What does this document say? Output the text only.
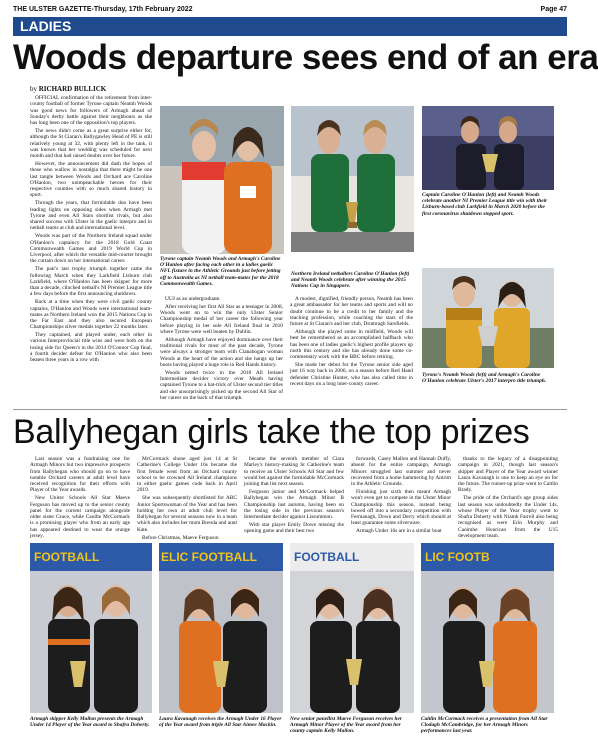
THE ULSTER GAZETTE-Thursday, 17th February 2022	Page 47
LADIES
Woods departure sees end of an era
by RICHARD BULLICK

OFFICIAL confirmation of the retirement from inter-county football of former Tyrone captain Neamh Woods was good news for followers of Armagh ahead of Sunday's derby battle against their neighbours as she has long been one of the opposition's top players.

The news didn't come as a great surprise either for, although the St Ciaran's Ballygawley Head of PE is still relatively young at 32, with plenty left in the tank, it was known that her wedding was scheduled for next month and that had raised doubts over her future.

However, the announcement did dash the hopes of those who wallow in nostalgia that there might be one last tangle between Woods and Orchard ace Caroline O'Hanlon, two unimpeachable heroes for their respective counties with so much shared history in sport.

Through the years, that formidable duo have been leading lights on opposing sides when Armagh met Tyrone and even All Stars shortlist rivals, but also shared success with Ulster in the gaelic interpro and in netball teams at club and international level.

Woods was part of the Northern Ireland squad under O'Hanlon's captaincy for the 2018 Gold Coast Commonwealth Games and 2019 World Cup in Liverpool, after which the versatile mid-courter brought the curtain down on her international career.

The pair's last trophy triumph together came the following March when they Larkfield Lisburn club Larkfield, where O'Hanlon has been skipper for more than a decade, clinched netball's NI Premier League title a few days before the first announcing shutdown.

Back at a time when they were civil gaelic county captains, O'Hanlon and Woods were international team-mates as Northern Ireland won the 2015 Nations Cup in the Far East and they also secured European Championships silver medals together 22 months later.

They captained, and played under, each other in various Interprovincial title wins and were both on the losing side for Queen's in the 2014 O'Connor Cup final, a fourth decider defeat for O'Hanlon who also been beaten three years in a row with

UUJ as an undergraduate.

After receiving her first All Star as a teenager in 2008, Woods went on to win the only Ulster Senior Championship medal of her career the following year before playing in her sole All Ireland final in 2010 where Tyrone were well beaten by Dublin.

Although Armagh have enjoyed dominance over their traditional rivals for most of the past decade, Tyrone were always a stronger team with Clanabogan woman Woods at the heart of the action and she hangs up her boots having played a huge role in Red Hands history.

Woods netted twice in the 2018 All Ireland Intermediate decider victory over Meath having captained Tyrone to a hat-trick of Ulster second tier titles and she unsurprisingly picked up the second All Star of her career on the back of that triumph.

A modest, dignified, friendly person, Neamh has been a great ambassador for her teams and sports and will no doubt continue to be a credit to her family and the teaching profession, while coaching the stars of the future at St Ciaran's and her club, Drumragh Sarsfields.

Although she played some in midfield, Woods will best be remembered as an accomplished halfback who has been one of ladies gaelic's highest profile players up north this century and she has already done some co-commentary work with the BBC before retiring.

She made her debut for the Tyrone senior side aged just 16 way back in 2006, on a season before Red Hand defender Christine Hunter, who has also called time in recent days on a long inter-county career.

Tyrone captain Neamh Woods and Armagh's Caroline O'Hanlon after facing each other in a ladies gaelic NFL fixture in the Athletic Grounds just before jetting off to Australia as NI netball team-mates for the 2018 Commonwealth Games.
Northern Ireland netballers Caroline O'Hanlon (left) and Neamh Woods celebrate after winning the 2015 Nations Cup in Singapore.
Captain Caroline O'Hanlon (left) and Neamh Woods celebrate another NI Premier League title win with their Lisburn-based club Larkfield in March 2020 before the first coronavirus shutdown stopped sport.
Tyrone's Neamh Woods (left) and Armagh's Caroline O'Hanlon celebrate Ulster's 2017 interpro title triumph.
Ballyhegan girls take the top prizes

Last season was a fundraising one for Armagh Minors but two impressive prospects from Ballyhegan who should go on to have notable Orchard careers at adult level have received recognition for their efforts with Player of the Year awards.

New Unitec Schools All Star Maeve Ferguson has moved up to the senior county panel for the current campaign alongside older sister Grace, while Caoilte McCormack is a promising player who from an early age has appeared destined to wear the orange jersey.

McCormack shone aged just 14 at St Catherine's College Under 16s became the first female went from an Orchard county school to be crowned All Ireland champions in either gaelic games code back in April 2019.

She was subsequently shortlisted for ABC Junior Sportswoman of the Year and has been holding her own at adult club level for Ballyhegan for several seasons now in a team which also includes her mum Brenda and aunt Kate.

Before Christmas, Maeve Ferguson

became the seventh member of Ciara Marley's history-making St Catherine's team to receive an Ulster Schools All Star and few would bet against the formidable McCormack joining that list next season.

Ferguson junior and McCormack helped Ballyhegan win the Armagh Minor B Championship last autumn, having been on the losing side in the previous season's Intermediate decider against Lissummon.

With star player Emily Dowe missing the opening game and their best two

forwards, Casey Mallon and Hannah Duffy, absent for the entire campaign, Armagh Minors struggled last summer and never recovered from a home hammering by Antrim in the Athletic Grounds.

Finishing just sixth then meant Armagh won't even get to compete in the Ulster Minor Championship this season, instead being bowed off into a secondary competition with Fermanagh, Down and Derry which should at least guarantee some silverware.

Armagh Under 16s are in a similar boat

thanks to the legacy of a disappointing campaign in 2021, though last season's skipper and Player of the Year award winner Laura Kavanagh is one to keep an eye on for the future. The runner-up prize went to Caitlin Brady.

The pride of the Orchard's age group sides last season was undoubtedly the Under 14s, whose Player of the Year trophy went to Shafra Doherty with Niamh Farrell also being recognised as were Erin Murphy and Caoimhe Hourican from the U15 development team.

FOOTBALL
Armagh skipper Kelly Mallon presents the Armagh Under 14 Player of the Year award to Shafra Doherty.
ELIC FOOTBALL
Laura Kavanagh receives the Armagh Under 16 Player of the Year award from triple All Star Aimee Mackin.
FOOTBALL
New senior panellist Maeve Ferguson receives her Armagh Minor Player of the Year award from her county captain Kelly Mallon.
LIC FOOTB
Caitlin McCormack receives a presentation from All Star Clodagh McCambridge, for her Armagh Minors performances last year.
